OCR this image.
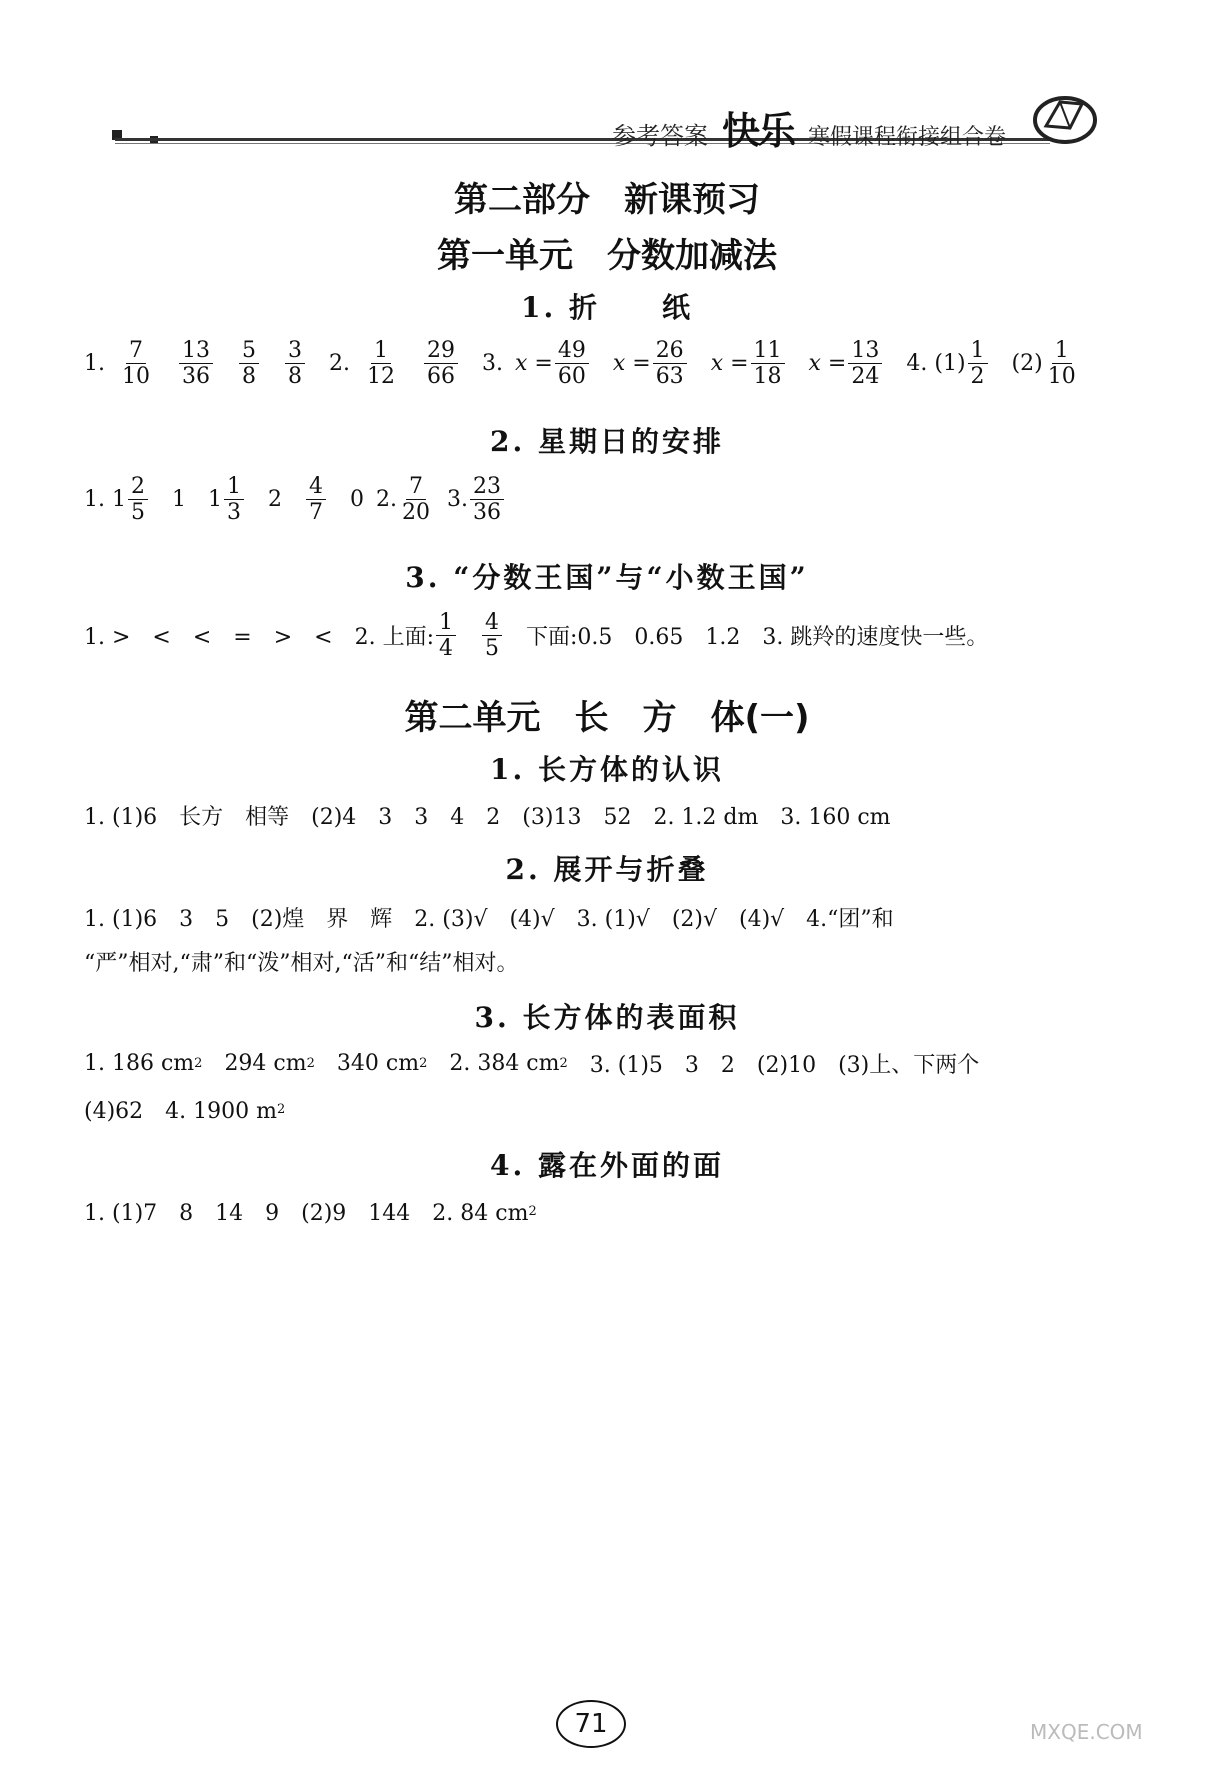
参考答案 快乐 寒假课程衔接组合卷
第二部分　新课预习
第一单元　分数加减法
1. 折　　纸
1. $\frac{7}{10} \frac{13}{36} \frac{5}{8} \frac{3}{8} 2$. $\frac{1}{12} \frac{29}{66} 3$. $x = \frac{49}{60}$ $x = \frac{26}{63}$ $x = \frac{11}{18}$ $x = \frac{13}{24} 4$. $(1) \frac{1}{2} (2) \frac{1}{10}$
2. 星期日的安排
1. $1 \frac{2}{5} 1$ $1 \frac{1}{3} 2 \frac{4}{7} 0$ 2. $\frac{7}{20} 3$. $\frac{23}{36}$
3. “分数王国”与“小数王国”
1. >　<　<　=　>　< 2. 上面: $\frac{1}{4} \frac{4}{5}$ 下面:0.5　0.65　1.2 3. 跳羚的速度快一些。
第二单元　长　方　体(一)
1. 长方体的认识
1. (1)6　长方　相等　(2)4　3　3　4　2　(3)13　52　2. 1.2 dm　3. 160 cm
2. 展开与折叠
1. (1)6　3　5　(2)煌　界　辉　2. (3)√　(4)√　3. (1)√　(2)√　(4)√　4.“团”和
“严”相对,“肃”和“泼”相对,“活”和“结”相对。
3. 长方体的表面积
1. 186 cm 2 294 cm 2 340 cm 2 2. 384 cm 2 3. (1)5　3　2　(2)10　(3)上、下两个
(4)62　4. 1900 m 2
4. 露在外面的面
1. (1)7　8　14　9　(2)9　144　2. 84 cm 2
71	MXQE.COM
